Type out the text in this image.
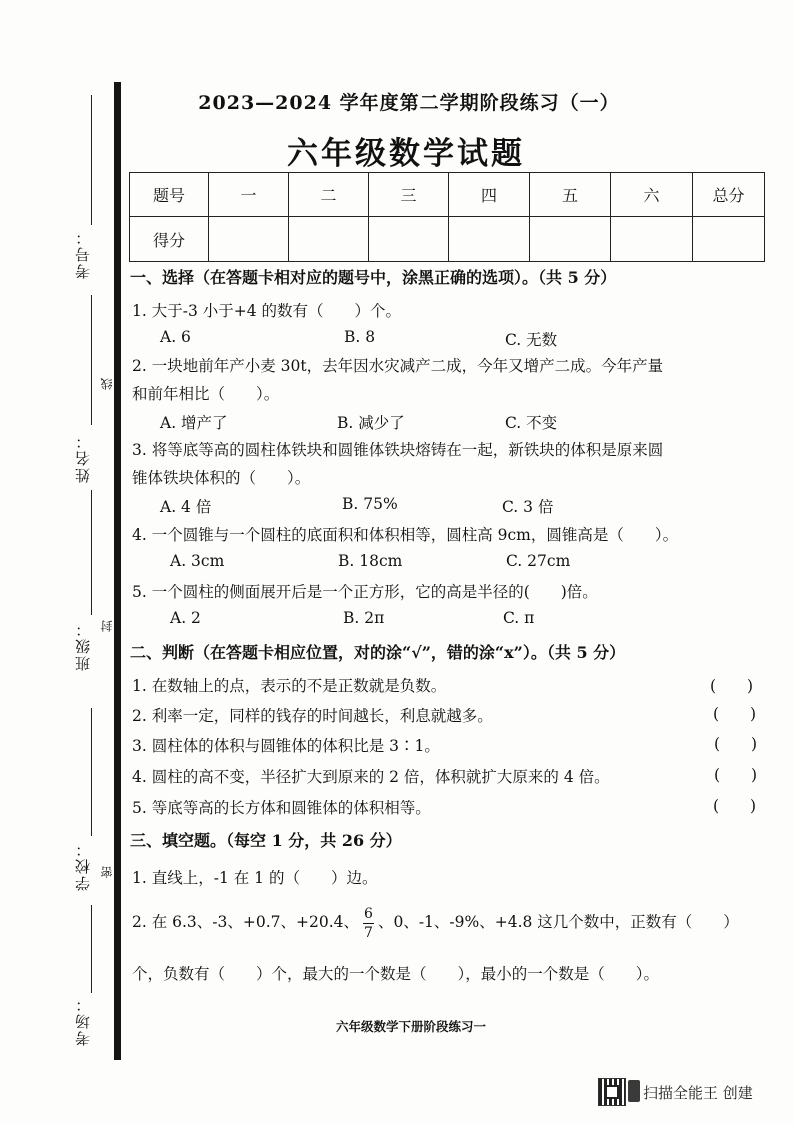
考号：
线
姓名：
班级： 封
学校： 密
考场：
2023—2024 学年度第二学期阶段练习（一）
六年级数学试题
题号	一	二	三	四	五	六	总分
得分							
一、选择（在答题卡相对应的题号中，涂黑正确的选项）。（共 5 分）
1. 大于-3 小于+4 的数有（　　）个。
A. 6	B. 8	C. 无数
2. 一块地前年产小麦 30t，去年因水灾减产二成，今年又增产二成。今年产量
和前年相比（　　）。
A. 增产了	B. 减少了	C. 不变
3. 将等底等高的圆柱体铁块和圆锥体铁块熔铸在一起，新铁块的体积是原来圆
锥体铁块体积的（　　）。
A. 4 倍	B. 75%	C. 3 倍
4. 一个圆锥与一个圆柱的底面积和体积相等，圆柱高 9cm，圆锥高是（　　）。
A. 3cm	B. 18cm	C. 27cm
5. 一个圆柱的侧面展开后是一个正方形，它的高是半径的(　　)倍。
A. 2	B. 2π	C. π
二、判断（在答题卡相应位置，对的涂“√”，错的涂“x”）。（共 5 分）
1. 在数轴上的点，表示的不是正数就是负数。	(　　)
2. 利率一定，同样的钱存的时间越长，利息就越多。	(　　)
3. 圆柱体的体积与圆锥体的体积比是 3∶1。	(　　)
4. 圆柱的高不变，半径扩大到原来的 2 倍，体积就扩大原来的 4 倍。	(　　)
5. 等底等高的长方体和圆锥体的体积相等。	(　　)
三、填空题。（每空 1 分，共 26 分）
1. 直线上，-1 在 1 的（　　）边。
2. 在 6.3、-3、+0.7、+20.4、 $\frac{6}{7}$ 、0、-1、-9%、+4.8 这几个数中，正数有（　　）
个，负数有（　　）个，最大的一个数是（　　），最小的一个数是（　　）。
六年级数学下册阶段练习一
扫描全能王 创建
